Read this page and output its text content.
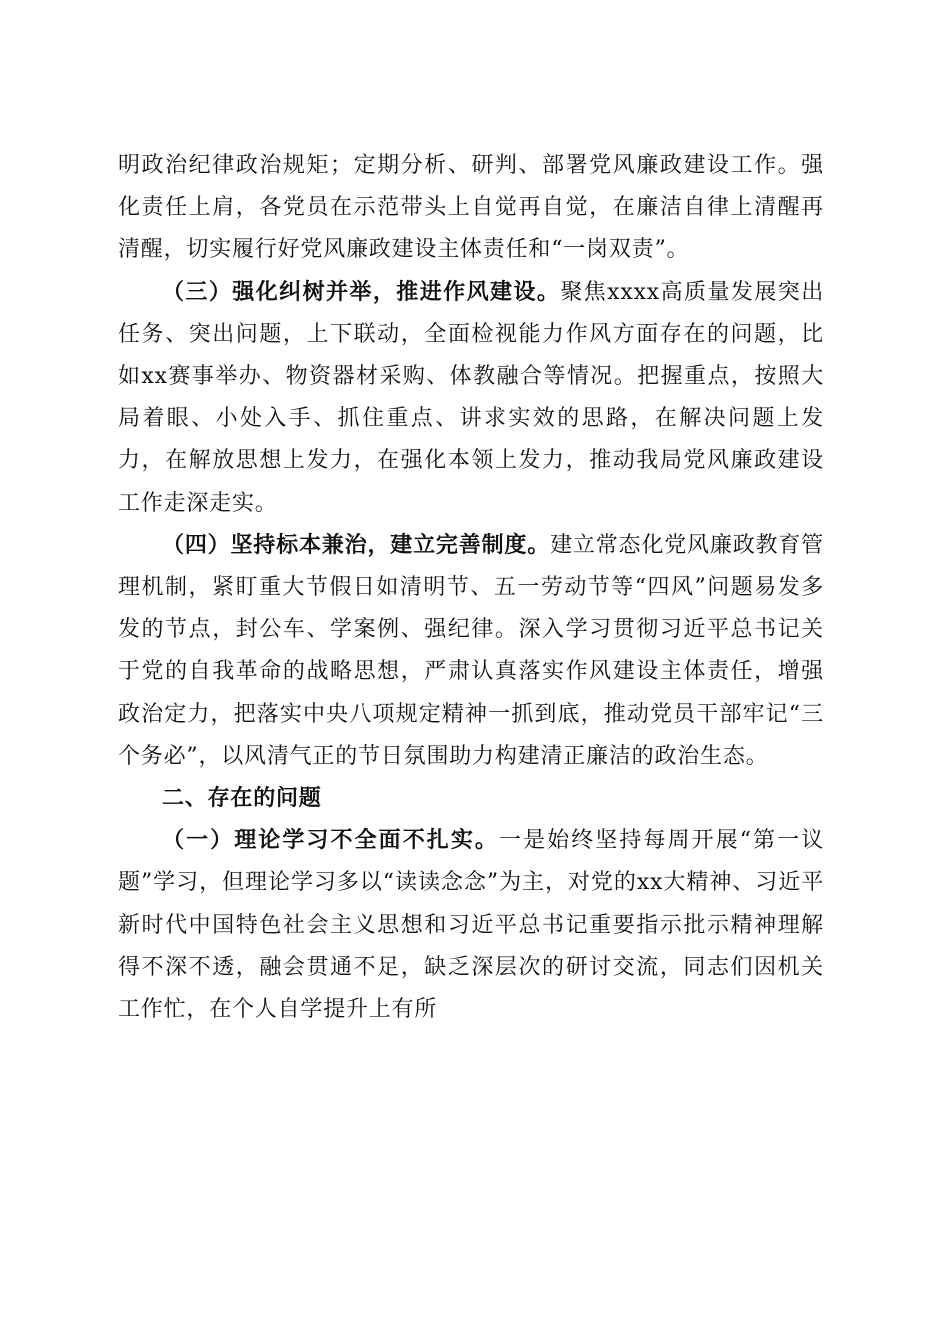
明政治纪律政治规矩；定期分析、研判、部署党风廉政建设工作。强化责任上肩，各党员在示范带头上自觉再自觉，在廉洁自律上清醒再清醒，切实履行好党风廉政建设主体责任和“一岗双责”。

（三）强化纠树并举，推进作风建设。聚焦xxxx高质量发展突出任务、突出问题，上下联动，全面检视能力作风方面存在的问题，比如xx赛事举办、物资器材采购、体教融合等情况。把握重点，按照大局着眼、小处入手、抓住重点、讲求实效的思路，在解决问题上发力，在解放思想上发力，在强化本领上发力，推动我局党风廉政建设工作走深走实。

（四）坚持标本兼治，建立完善制度。建立常态化党风廉政教育管理机制，紧盯重大节假日如清明节、五一劳动节等“四风”问题易发多发的节点，封公车、学案例、强纪律。深入学习贯彻习近平总书记关于党的自我革命的战略思想，严肃认真落实作风建设主体责任，增强政治定力，把落实中央八项规定精神一抓到底，推动党员干部牢记“三个务必”，以风清气正的节日氛围助力构建清正廉洁的政治生态。

二、存在的问题

（一）理论学习不全面不扎实。一是始终坚持每周开展“第一议题”学习，但理论学习多以“读读念念”为主，对党的xx大精神、习近平新时代中国特色社会主义思想和习近平总书记重要指示批示精神理解得不深不透，融会贯通不足，缺乏深层次的研讨交流，同志们因机关工作忙，在个人自学提升上有所
